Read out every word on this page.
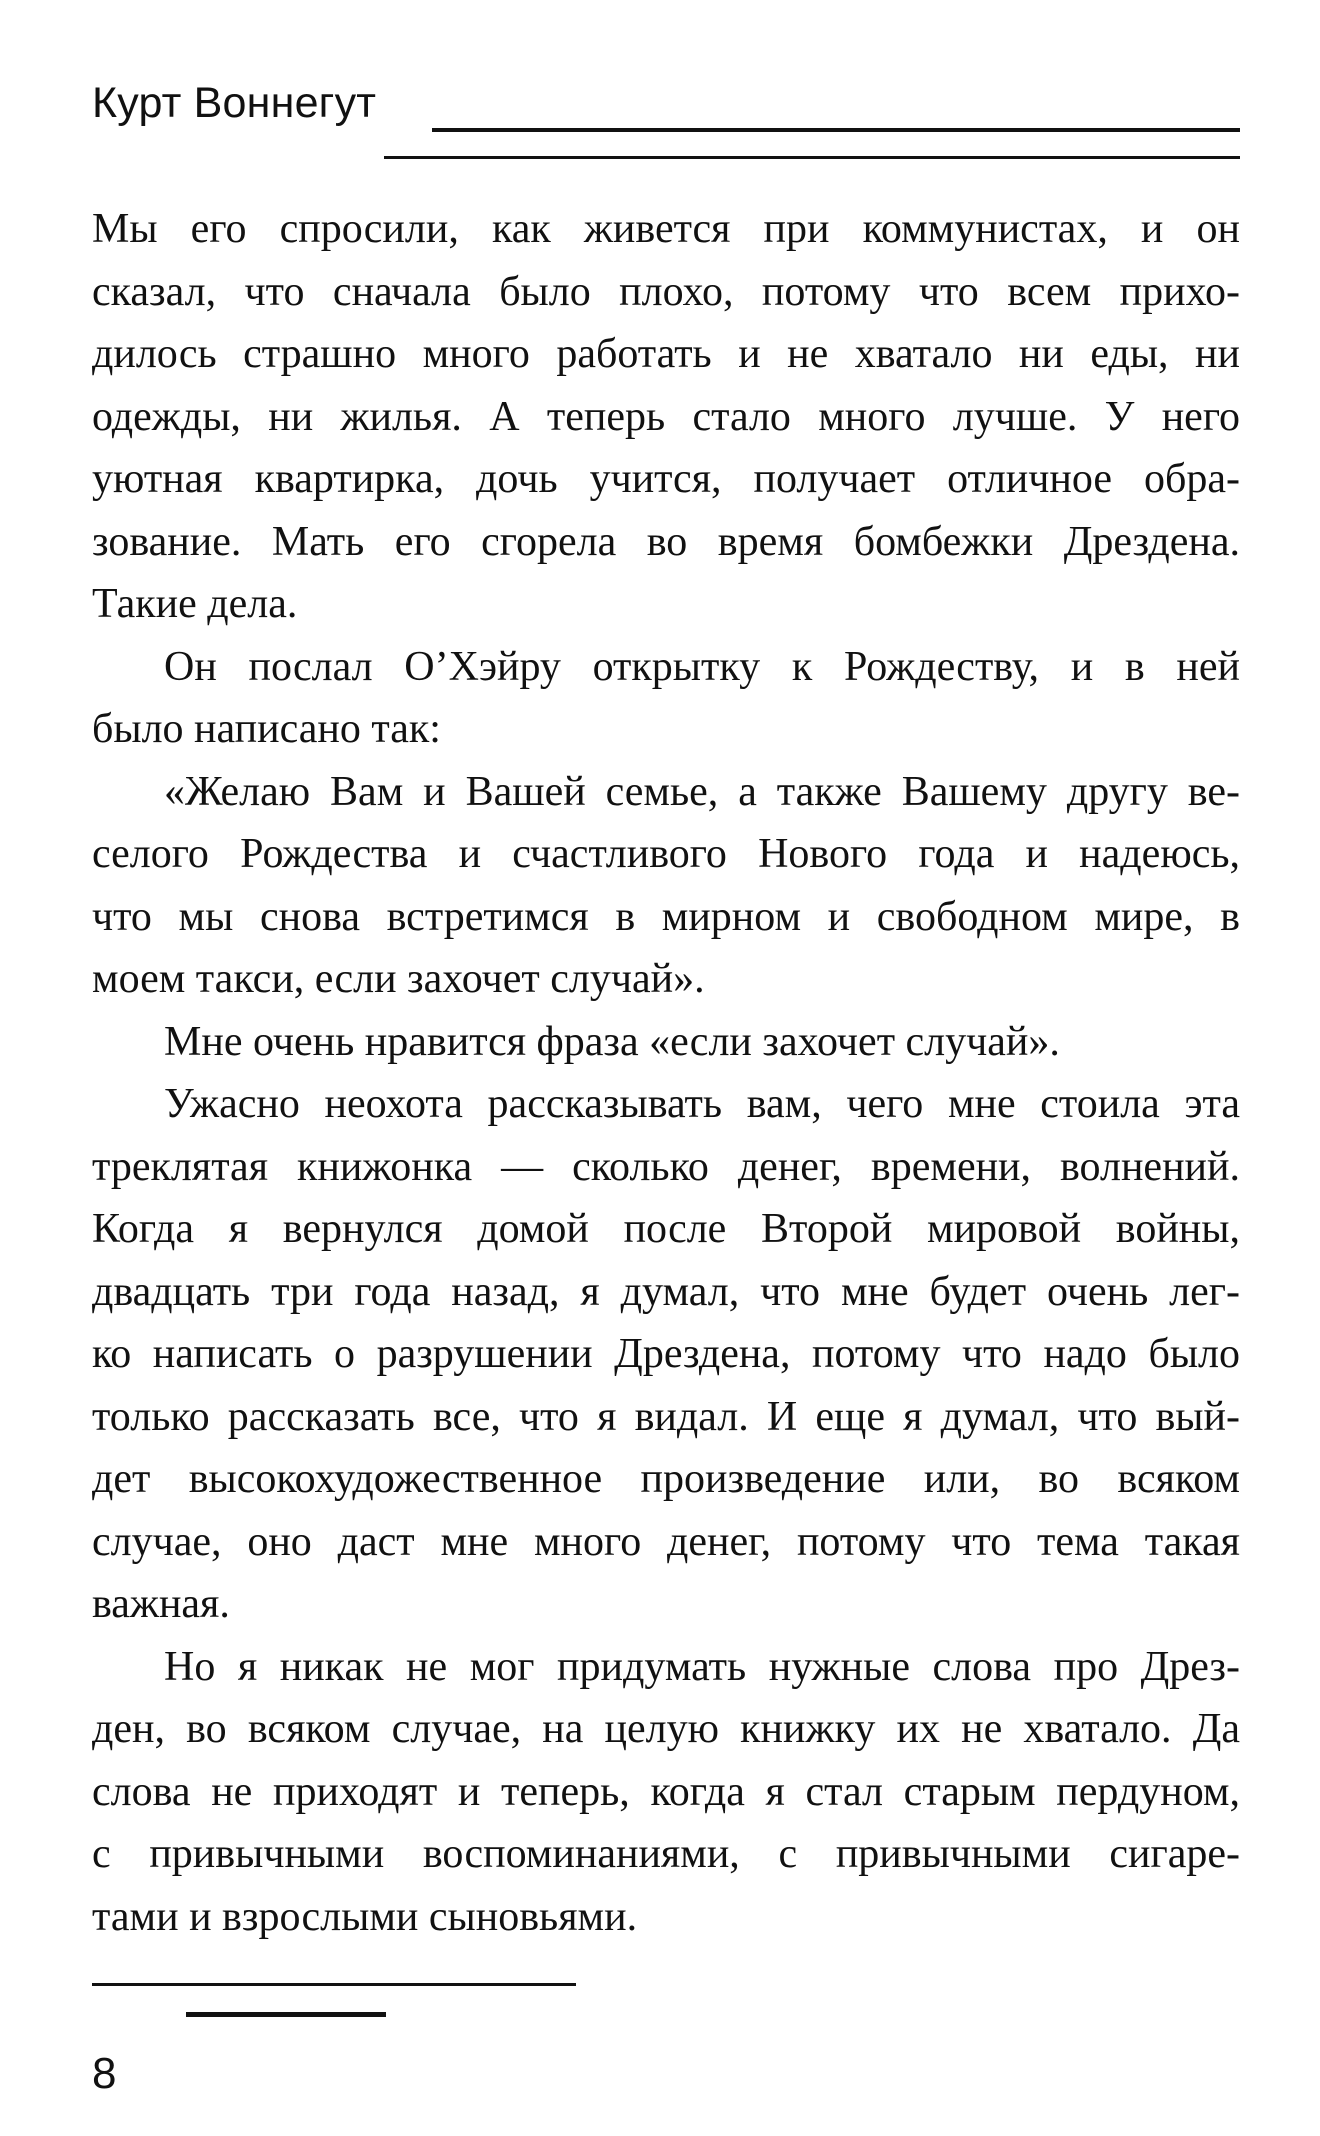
Курт Воннегут

Мы его спросили, как живется при коммунистах, и он

сказал, что сначала было плохо, потому что всем прихо-

дилось страшно много работать и не хватало ни еды, ни

одежды, ни жилья. А теперь стало много лучше. У него

уютная квартирка, дочь учится, получает отличное обра-

зование. Мать его сгорела во время бомбежки Дрездена.

Такие дела.

Он послал О’Хэйру открытку к Рождеству, и в ней

было написано так:

«Желаю Вам и Вашей семье, а также Вашему другу ве-

селого Рождества и счастливого Нового года и надеюсь,

что мы снова встретимся в мирном и свободном мире, в

моем такси, если захочет случай».

Мне очень нравится фраза «если захочет случай».

Ужасно неохота рассказывать вам, чего мне стоила эта

треклятая книжонка — сколько денег, времени, волнений.

Когда я вернулся домой после Второй мировой войны,

двадцать три года назад, я думал, что мне будет очень лег-

ко написать о разрушении Дрездена, потому что надо было

только рассказать все, что я видал. И еще я думал, что вый-

дет высокохудожественное произведение или, во всяком

случае, оно даст мне много денег, потому что тема такая

важная.

Но я никак не мог придумать нужные слова про Дрез-

ден, во всяком случае, на целую книжку их не хватало. Да

слова не приходят и теперь, когда я стал старым пердуном,

с привычными воспоминаниями, с привычными сигаре-

тами и взрослыми сыновьями.

8
